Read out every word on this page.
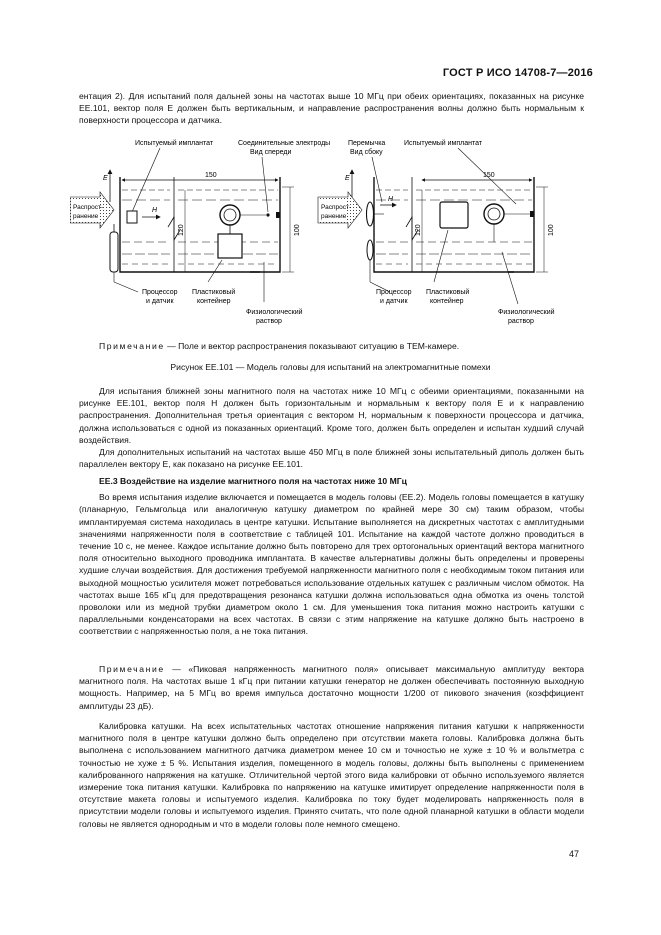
ГОСТ Р ИСО 14708-7—2016

ентация 2). Для испытаний поля дальней зоны на частотах выше 10 МГц при обеих ориентациях, показанных на рисунке EE.101, вектор поля E должен быть вертикальным, и направление распространения волны должно быть нормальным к поверхности процессора и датчика.

Испытуемый имплантат	Соединительные электроды
Вид спереди
E
Распрост-
ранение
150
120	100
H
Процессор
и датчик
Пластиковый
контейнер
Физиологический
раствор
Перемычка
Вид сбоку
Испытуемый имплантат
E
Распрост-
ранение
150
120	100
H
Процессор
и датчик
Пластиковый
контейнер
Физиологический
раствор

Примечание — Поле и вектор распространения показывают ситуацию в ТЕМ-камере.

Рисунок EE.101 — Модель головы для испытаний на электромагнитные помехи

Для испытания ближней зоны магнитного поля на частотах ниже 10 МГц с обеими ориентациями, показанными на рисунке EE.101, вектор поля H должен быть горизонтальным и нормальным к вектору поля E и к направлению распространения. Дополнительная третья ориентация с вектором H, нормальным к поверхности процессора и датчика, должна использоваться с одной из показанных ориентаций. Кроме того, должен быть определен и испытан худший случай воздействия.

Для дополнительных испытаний на частотах выше 450 МГц в поле ближней зоны испытательный диполь должен быть параллелен вектору E, как показано на рисунке EE.101.

EE.3 Воздействие на изделие магнитного поля на частотах ниже 10 МГц

Во время испытания изделие включается и помещается в модель головы (EE.2). Модель головы помещается в катушку (планарную, Гельмгольца или аналогичную катушку диаметром по крайней мере 30 см) таким образом, чтобы имплантируемая система находилась в центре катушки. Испытание выполняется на дискретных частотах с амплитудными значениями напряженности поля в соответствие с таблицей 101. Испытание на каждой частоте должно проводиться в течение 10 с, не менее. Каждое испытание должно быть повторено для трех ортогональных ориентаций вектора магнитного поля относительно выходного проводника имплантата. В качестве альтернативы должны быть определены и проверены худшие случаи воздействия. Для достижения требуемой напряженности магнитного поля с необходимым током питания или выходной мощностью усилителя может потребоваться использование отдельных катушек с различным числом обмоток. На частотах выше 165 кГц для предотвращения резонанса катушки должна использоваться одна обмотка из очень толстой проволоки или из медной трубки диаметром около 1 см. Для уменьшения тока питания можно настроить катушки с параллельными конденсаторами на всех частотах. В связи с этим напряжение на катушке должно быть настроено в соответствии с напряженностью поля, а не тока питания.

Примечание — «Пиковая напряженность магнитного поля» описывает максимальную амплитуду вектора магнитного поля. На частотах выше 1 кГц при питании катушки генератор не должен обеспечивать постоянную выходную мощность. Например, на 5 МГц во время импульса достаточно мощности 1/200 от пикового значения (коэффициент амплитуды 23 дБ).

Калибровка катушки. На всех испытательных частотах отношение напряжения питания катушки к напряженности магнитного поля в центре катушки должно быть определено при отсутствии макета головы. Калибровка должна быть выполнена с использованием магнитного датчика диаметром менее 10 см и точностью не хуже ± 10 % и вольтметра с точностью не хуже ± 5 %. Испытания изделия, помещенного в модель головы, должны быть выполнены с применением калиброванного напряжения на катушке. Отличительной чертой этого вида калибровки от обычно используемого является измерение тока питания катушки. Калибровка по напряжению на катушке имитирует определение напряженности поля в отсутствие макета головы и испытуемого изделия. Калибровка по току будет моделировать напряженность поля в присутствии модели головы и испытуемого изделия. Принято считать, что поле одной планарной катушки в области модели головы не является однородным и что в модели головы поле немного смещено.

47
